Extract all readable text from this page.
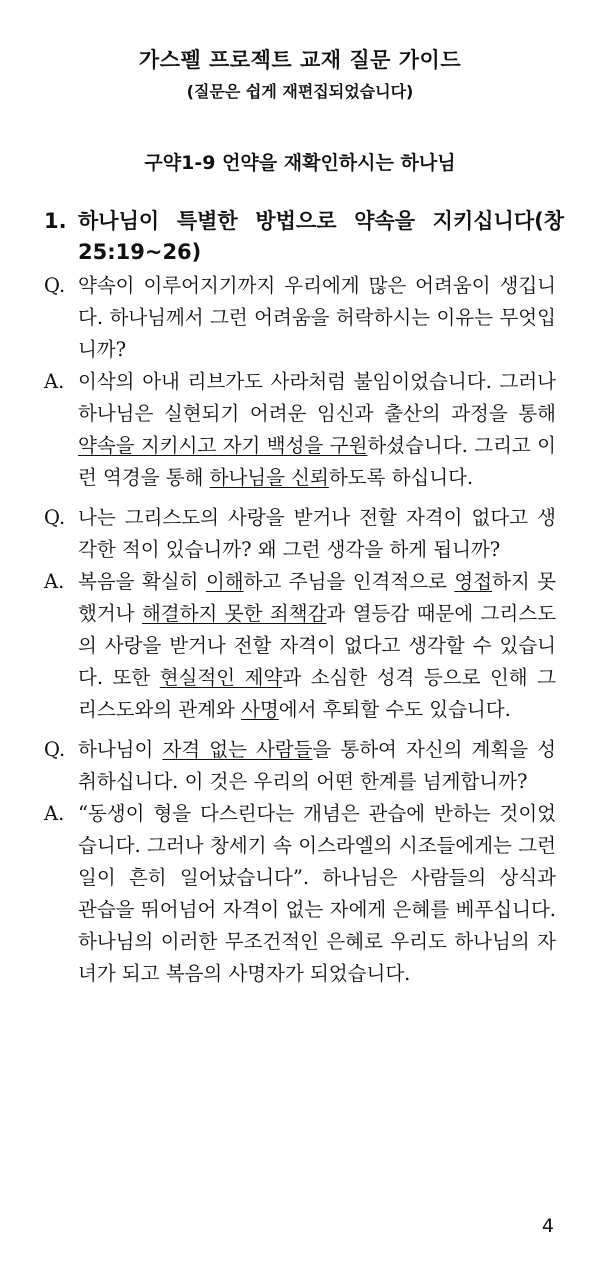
가스펠 프로젝트 교재 질문 가이드
(질문은 쉽게 재편집되었습니다)
구약1-9 언약을 재확인하시는 하나님
1. 하나님이 특별한 방법으로 약속을 지키십니다(창
25:19~26)
Q. 약속이 이루어지기까지 우리에게 많은 어려움이 생깁니
다. 하나님께서 그런 어려움을 허락하시는 이유는 무엇입
니까?
A. 이삭의 아내 리브가도 사라처럼 불임이었습니다. 그러나
하나님은 실현되기 어려운 임신과 출산의 과정을 통해
약속을 지키시고 자기 백성을 구원하셨습니다. 그리고 이
런 역경을 통해 하나님을 신뢰하도록 하십니다.
Q. 나는 그리스도의 사랑을 받거나 전할 자격이 없다고 생
각한 적이 있습니까? 왜 그런 생각을 하게 됩니까?
A. 복음을 확실히 이해하고 주님을 인격적으로 영접하지 못
했거나 해결하지 못한 죄책감과 열등감 때문에 그리스도
의 사랑을 받거나 전할 자격이 없다고 생각할 수 있습니
다. 또한 현실적인 제약과 소심한 성격 등으로 인해 그
리스도와의 관계와 사명에서 후퇴할 수도 있습니다.
Q. 하나님이 자격 없는 사람들을 통하여 자신의 계획을 성
취하십니다. 이 것은 우리의 어떤 한계를 넘게합니까?
A. “동생이 형을 다스린다는 개념은 관습에 반하는 것이었
습니다. 그러나 창세기 속 이스라엘의 시조들에게는 그런
일이 흔히 일어났습니다”. 하나님은 사람들의 상식과
관습을 뛰어넘어 자격이 없는 자에게 은혜를 베푸십니다.
하나님의 이러한 무조건적인 은혜로 우리도 하나님의 자
녀가 되고 복음의 사명자가 되었습니다.
4
